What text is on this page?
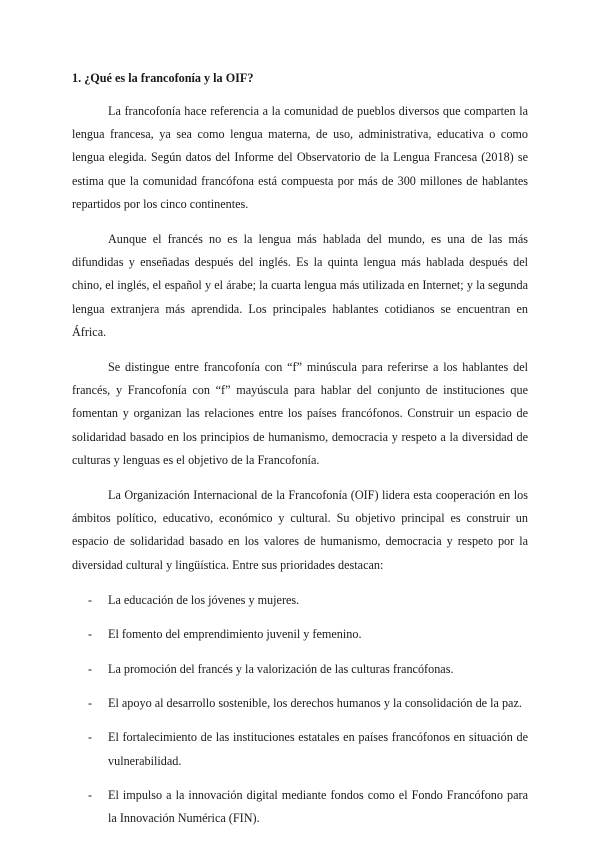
1. ¿Qué es la francofonía y la OIF?

La francofonía hace referencia a la comunidad de pueblos diversos que comparten la lengua francesa, ya sea como lengua materna, de uso, administrativa, educativa o como lengua elegida. Según datos del Informe del Observatorio de la Lengua Francesa (2018) se estima que la comunidad francófona está compuesta por más de 300 millones de hablantes repartidos por los cinco continentes.

Aunque el francés no es la lengua más hablada del mundo, es una de las más difundidas y enseñadas después del inglés. Es la quinta lengua más hablada después del chino, el inglés, el español y el árabe; la cuarta lengua más utilizada en Internet; y la segunda lengua extranjera más aprendida. Los principales hablantes cotidianos se encuentran en África.

Se distingue entre francofonía con “f” minúscula para referirse a los hablantes del francés, y Francofonía con “f” mayúscula para hablar del conjunto de instituciones que fomentan y organizan las relaciones entre los países francófonos. Construir un espacio de solidaridad basado en los principios de humanismo, democracia y respeto a la diversidad de culturas y lenguas es el objetivo de la Francofonía.

La Organización Internacional de la Francofonía (OIF) lidera esta cooperación en los ámbitos político, educativo, económico y cultural. Su objetivo principal es construir un espacio de solidaridad basado en los valores de humanismo, democracia y respeto por la diversidad cultural y lingüística. Entre sus prioridades destacan:

-	La educación de los jóvenes y mujeres.
-	El fomento del emprendimiento juvenil y femenino.
-	La promoción del francés y la valorización de las culturas francófonas.
-	El apoyo al desarrollo sostenible, los derechos humanos y la consolidación de la paz.
-	El fortalecimiento de las instituciones estatales en países francófonos en situación de vulnerabilidad.
-	El impulso a la innovación digital mediante fondos como el Fondo Francófono para la Innovación Numérica (FIN).
